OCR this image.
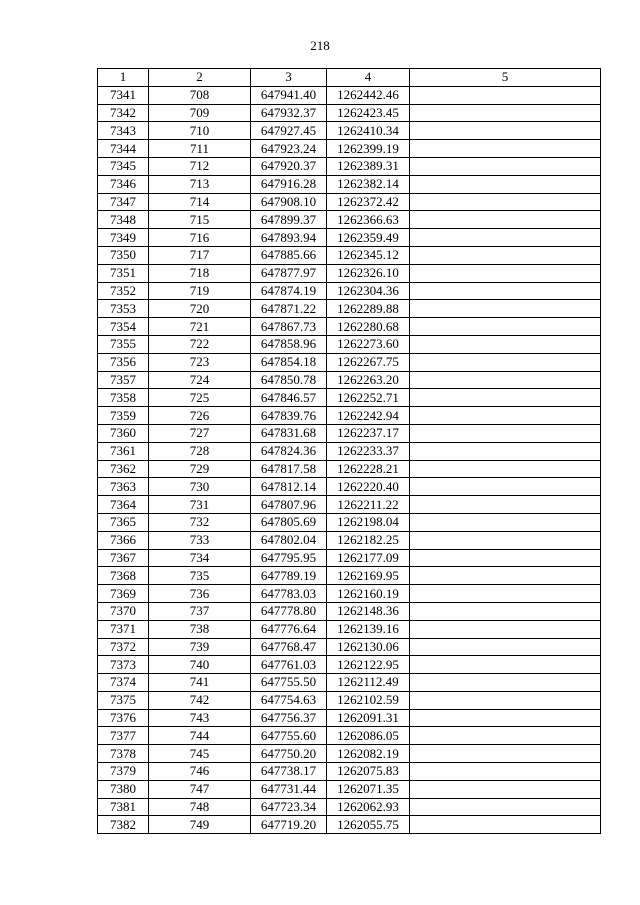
218
1	2	3	4	5
7341	708	647941.40	1262442.46	
7342	709	647932.37	1262423.45	
7343	710	647927.45	1262410.34	
7344	711	647923.24	1262399.19	
7345	712	647920.37	1262389.31	
7346	713	647916.28	1262382.14	
7347	714	647908.10	1262372.42	
7348	715	647899.37	1262366.63	
7349	716	647893.94	1262359.49	
7350	717	647885.66	1262345.12	
7351	718	647877.97	1262326.10	
7352	719	647874.19	1262304.36	
7353	720	647871.22	1262289.88	
7354	721	647867.73	1262280.68	
7355	722	647858.96	1262273.60	
7356	723	647854.18	1262267.75	
7357	724	647850.78	1262263.20	
7358	725	647846.57	1262252.71	
7359	726	647839.76	1262242.94	
7360	727	647831.68	1262237.17	
7361	728	647824.36	1262233.37	
7362	729	647817.58	1262228.21	
7363	730	647812.14	1262220.40	
7364	731	647807.96	1262211.22	
7365	732	647805.69	1262198.04	
7366	733	647802.04	1262182.25	
7367	734	647795.95	1262177.09	
7368	735	647789.19	1262169.95	
7369	736	647783.03	1262160.19	
7370	737	647778.80	1262148.36	
7371	738	647776.64	1262139.16	
7372	739	647768.47	1262130.06	
7373	740	647761.03	1262122.95	
7374	741	647755.50	1262112.49	
7375	742	647754.63	1262102.59	
7376	743	647756.37	1262091.31	
7377	744	647755.60	1262086.05	
7378	745	647750.20	1262082.19	
7379	746	647738.17	1262075.83	
7380	747	647731.44	1262071.35	
7381	748	647723.34	1262062.93	
7382	749	647719.20	1262055.75	
